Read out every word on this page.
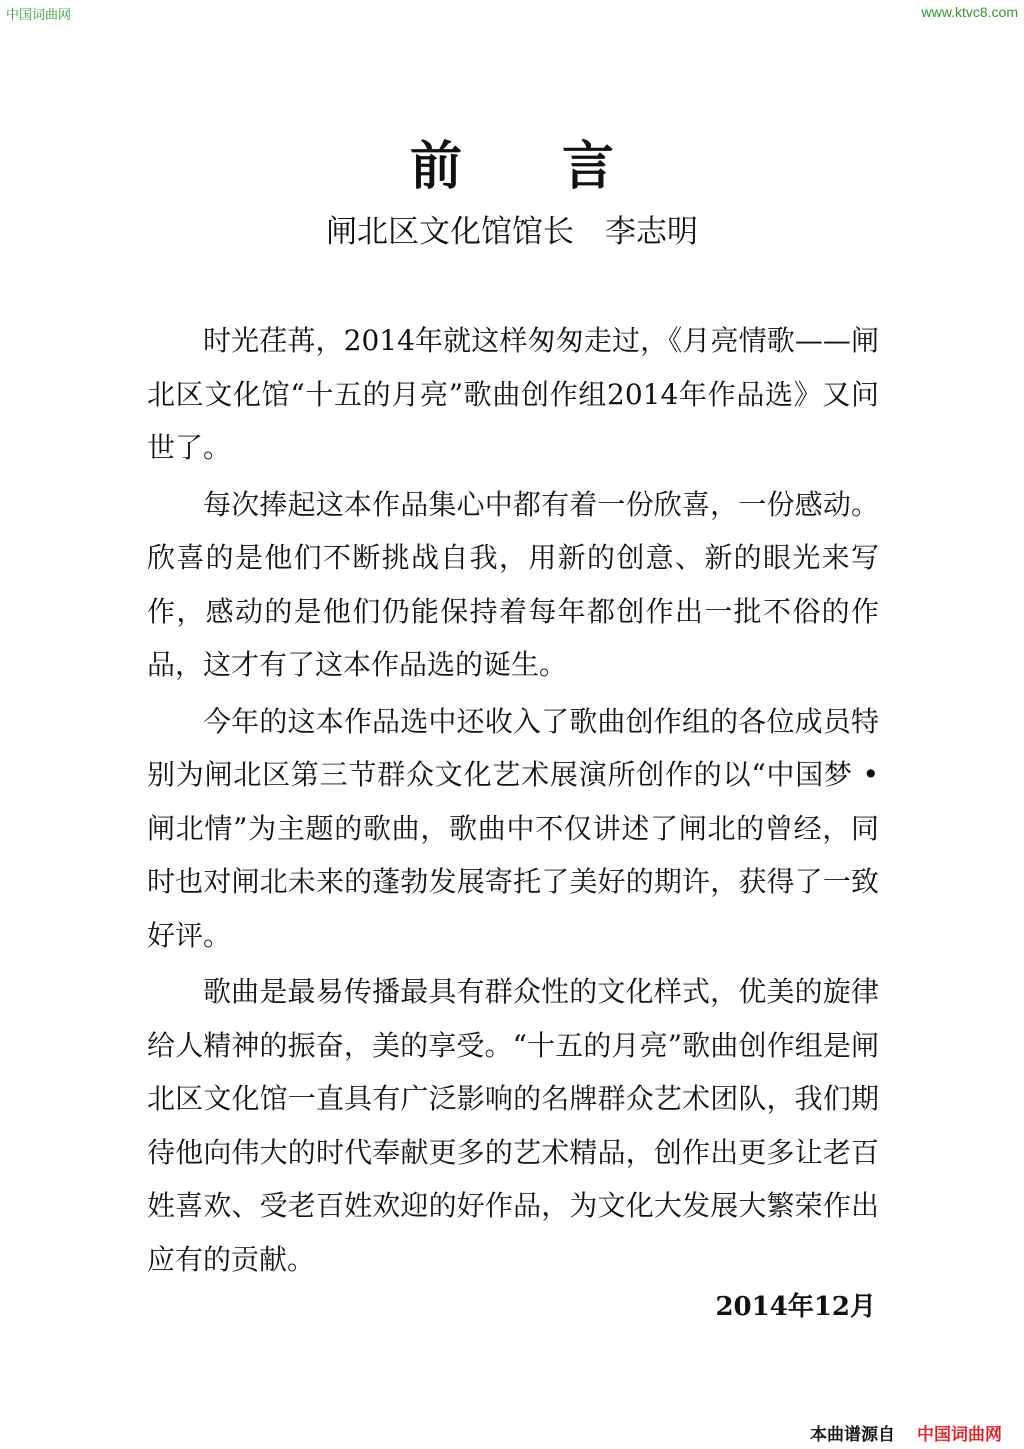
中国词曲网	www.ktvc8.com
前言
闸北区文化馆馆长　李志明

时光荏苒，2014年就这样匆匆走过，《月亮情歌——闸北区文化馆“十五的月亮”歌曲创作组2014年作品选》又问世了。

每次捧起这本作品集心中都有着一份欣喜，一份感动。欣喜的是他们不断挑战自我，用新的创意、新的眼光来写作，感动的是他们仍能保持着每年都创作出一批不俗的作品，这才有了这本作品选的诞生。

今年的这本作品选中还收入了歌曲创作组的各位成员特别为闸北区第三节群众文化艺术展演所创作的以“中国梦 •闸北情”为主题的歌曲，歌曲中不仅讲述了闸北的曾经，同时也对闸北未来的蓬勃发展寄托了美好的期许，获得了一致好评。

歌曲是最易传播最具有群众性的文化样式，优美的旋律给人精神的振奋，美的享受。“十五的月亮”歌曲创作组是闸北区文化馆一直具有广泛影响的名牌群众艺术团队，我们期待他向伟大的时代奉献更多的艺术精品，创作出更多让老百姓喜欢、受老百姓欢迎的好作品，为文化大发展大繁荣作出应有的贡献。

2014年12月
本曲谱源自 中国词曲网
